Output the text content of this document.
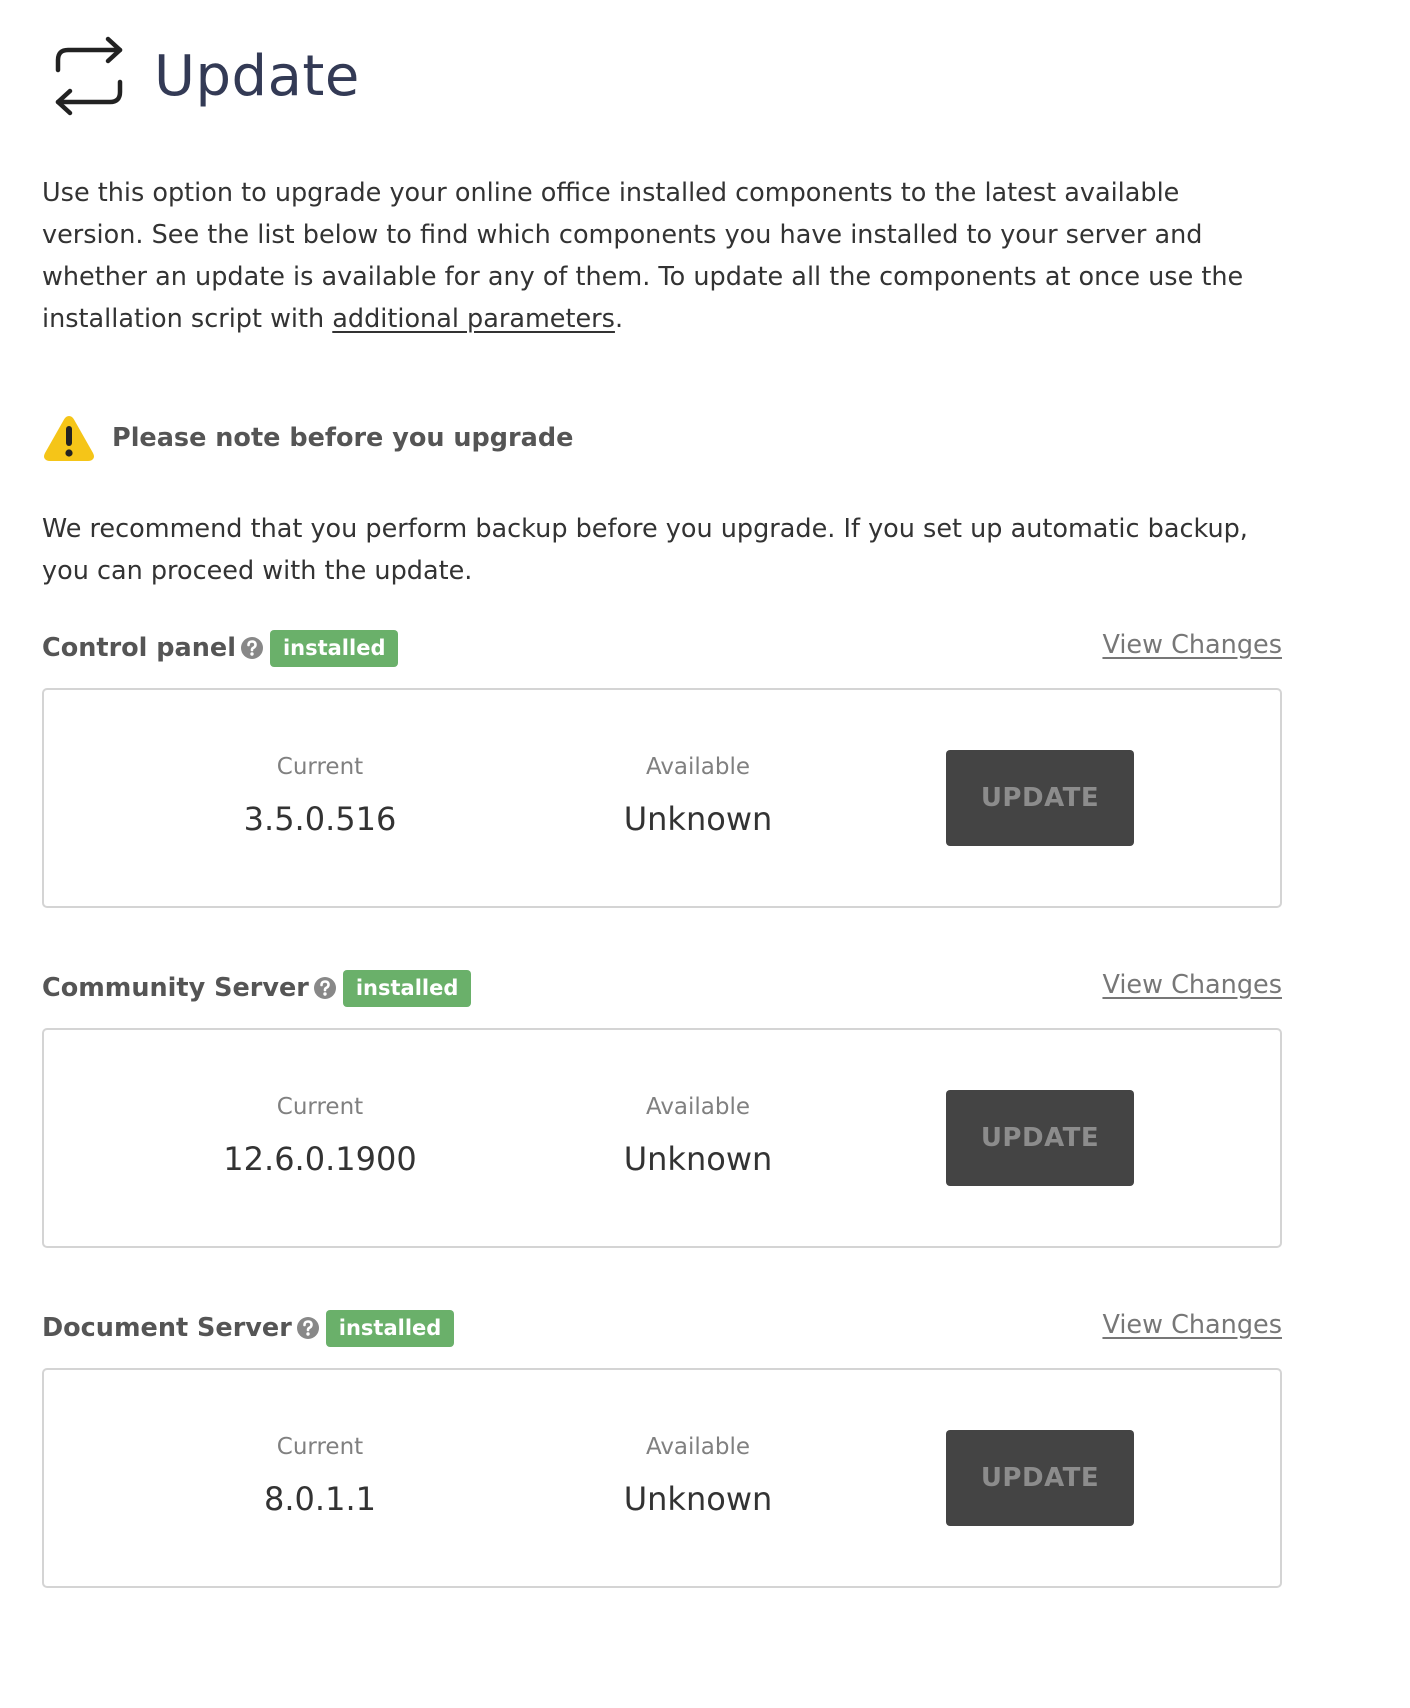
Update

Use this option to upgrade your online office installed components to the latest available version. See the list below to find which components you have installed to your server and whether an update is available for any of them. To update all the components at once use the installation script with additional parameters.

Please note before you upgrade

We recommend that you perform backup before you upgrade. If you set up automatic backup, you can proceed with the update.

Control panel	installed	View Changes
Current
3.5.0.516
Available
Unknown
UPDATE
Community Server	installed	View Changes
Current
12.6.0.1900
Available
Unknown
UPDATE
Document Server	installed	View Changes
Current
8.0.1.1
Available
Unknown
UPDATE
